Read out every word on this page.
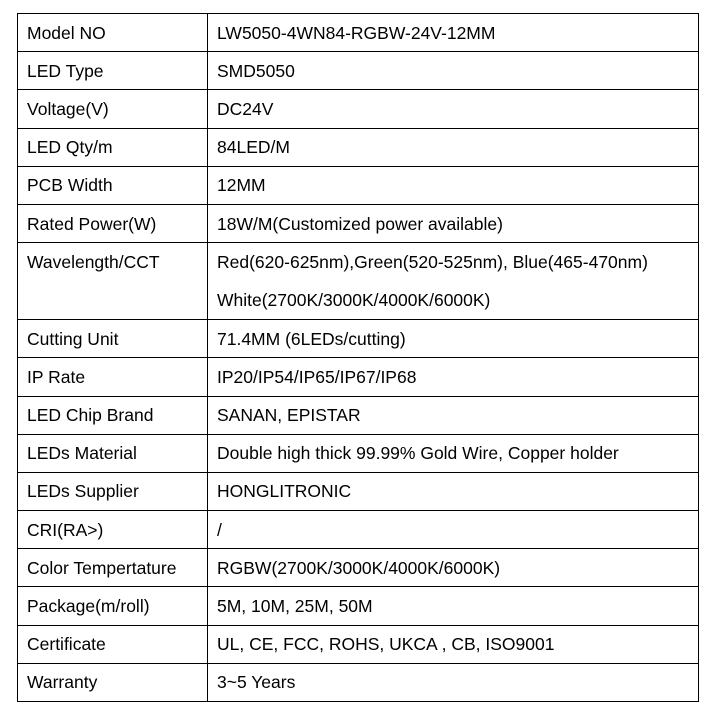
Model NO	LW5050-4WN84-RGBW-24V-12MM
LED Type	SMD5050
Voltage(V)	DC24V
LED Qty/m	84LED/M
PCB Width	12MM
Rated Power(W)	18W/M(Customized power available)
Wavelength/CCT	Red(620-625nm),Green(520-525nm), Blue(465-470nm)
White(2700K/3000K/4000K/6000K)

Cutting Unit	71.4MM (6LEDs/cutting)
IP Rate	IP20/IP54/IP65/IP67/IP68
LED Chip Brand	SANAN, EPISTAR
LEDs Material	Double high thick 99.99% Gold Wire, Copper holder
LEDs Supplier	HONGLITRONIC
CRI(RA>)	/
Color Tempertature	RGBW(2700K/3000K/4000K/6000K)
Package(m/roll)	5M, 10M, 25M, 50M
Certificate	UL, CE, FCC, ROHS, UKCA , CB, ISO9001
Warranty	3~5 Years
